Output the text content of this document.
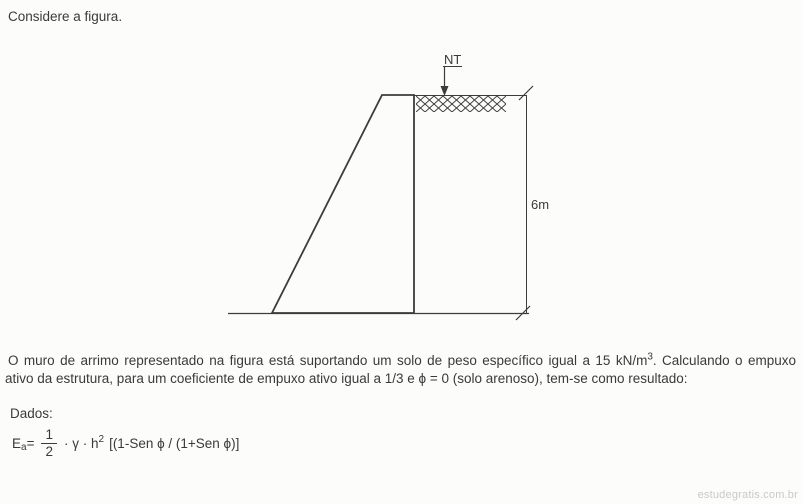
Considere a figura.
NT
6m
O muro de arrimo representado na figura está suportando um solo de peso específico igual a 15 $kN/m^3$. Calculando o empuxo
ativo da estrutura, para um coeficiente de empuxo ativo igual a 1/3 e ϕ = 0 (solo arenoso), tem-se como resultado:
Dados:
E $a = \frac{1}{2} \cdot \gamma \cdot h$ 2 [(1-Sen ϕ / (1+Sen ϕ)]
estudegratis.com.br
